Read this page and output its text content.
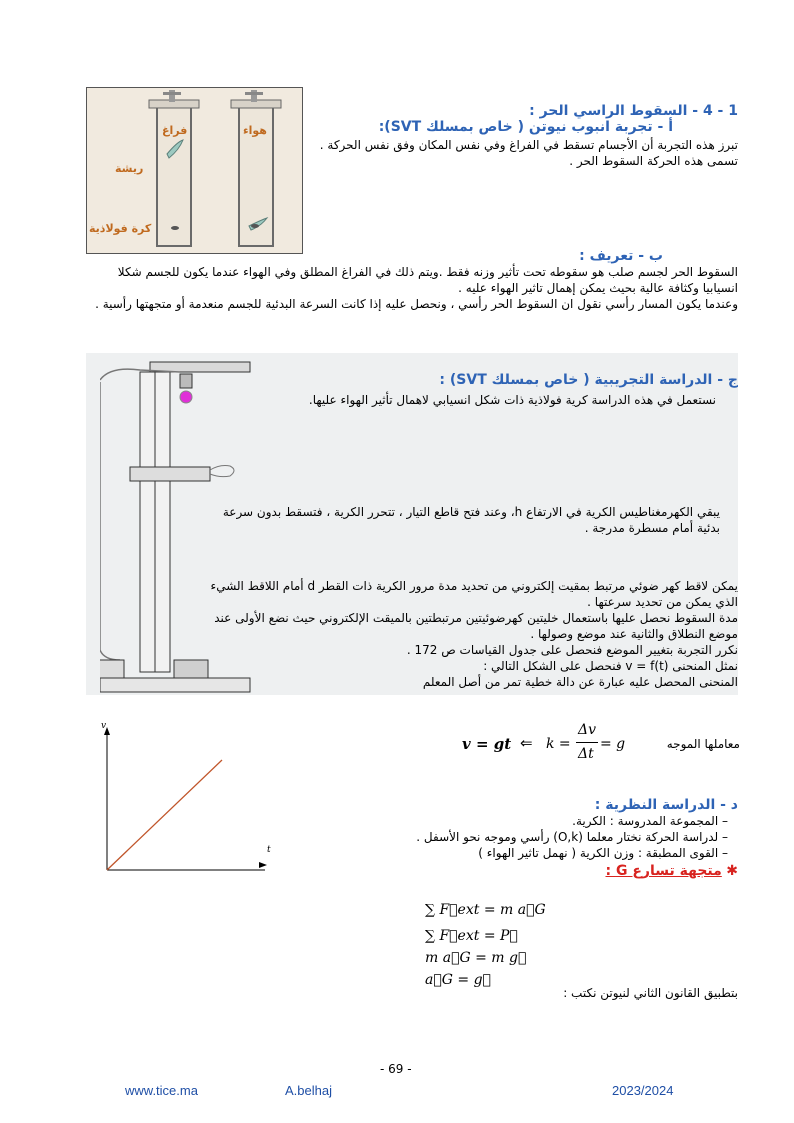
فراغ	هواء
ريشة
كرة فولاذية
1 - 4 - السقوط الراسي الحر :
أ - تجربة انبوب نيوتن ( خاص بمسلك SVT):
تبرز هذه التجربة أن الأجسام تسقط في الفراغ وفي نفس المكان وفق نفس الحركة . تسمى هذه الحركة السقوط الحر .
ب - تعريف :
السقوط الحر لجسم صلب هو سقوطه تحت تأثير وزنه فقط .ويتم ذلك في الفراغ المطلق وفي الهواء عندما يكون للجسم شكلا انسيابيا وكثافة عالية بحيث يمكن إهمال تاثير الهواء عليه .
وعندما يكون المسار رأسي نقول ان السقوط الحر رأسي ، ونحصل عليه إذا كانت السرعة البدئية للجسم منعدمة أو متجهتها رأسية .
ج - الدراسة التجريبية ( خاص بمسلك SVT) :
نستعمل في هذه الدراسة كرية فولاذية ذات شكل انسيابي لاهمال تأثير الهواء عليها.
يبقي الكهرمغناطيس الكرية في الارتفاع h، وعند فتح قاطع التيار ، تتحرر الكرية ، فتسقط بدون سرعة بدئية أمام مسطرة مدرجة .
يمكن لاقط كهر ضوئي مرتبط بمقيت إلكتروني من تحديد مدة مرور الكرية ذات القطر d أمام اللاقط الشيء الذي يمكن من تحديد سرعتها .
مدة السقوط نحصل عليها باستعمال خليتين كهرضوئيتين مرتبطتين بالميقت الإلكتروني حيث نضع الأولى عند موضع النطلاق والثانية عند موضع وصولها .
نكرر التجربة بتغيير الموضع فنحصل على جدول القياسات ص 172 .
نمثل المنحنى v = f(t) فنحصل على الشكل التالي :
المنحنى المحصل عليه عبارة عن دالة خطية تمر من أصل المعلم
معاملها الموجه
= g
Δv
Δt
k =
⇐
v = gt
v
t
د - الدراسة النظرية :
– المجموعة المدروسة : الكرية.
– لدراسة الحركة نختار معلما (O,k) رأسي وموجه نحو الأسفل .
– القوى المطبقة : وزن الكرية ( نهمل تاثير الهواء )
✱ متجهة تسارع G :
∑ F⃗ext = m a⃗G
∑ F⃗ext = P⃗
m a⃗G = m g⃗
a⃗G = g⃗
بتطبيق القانون الثاني لنيوتن نكتب :
- 69 -
www.tice.ma	A.belhaj	2023/2024
